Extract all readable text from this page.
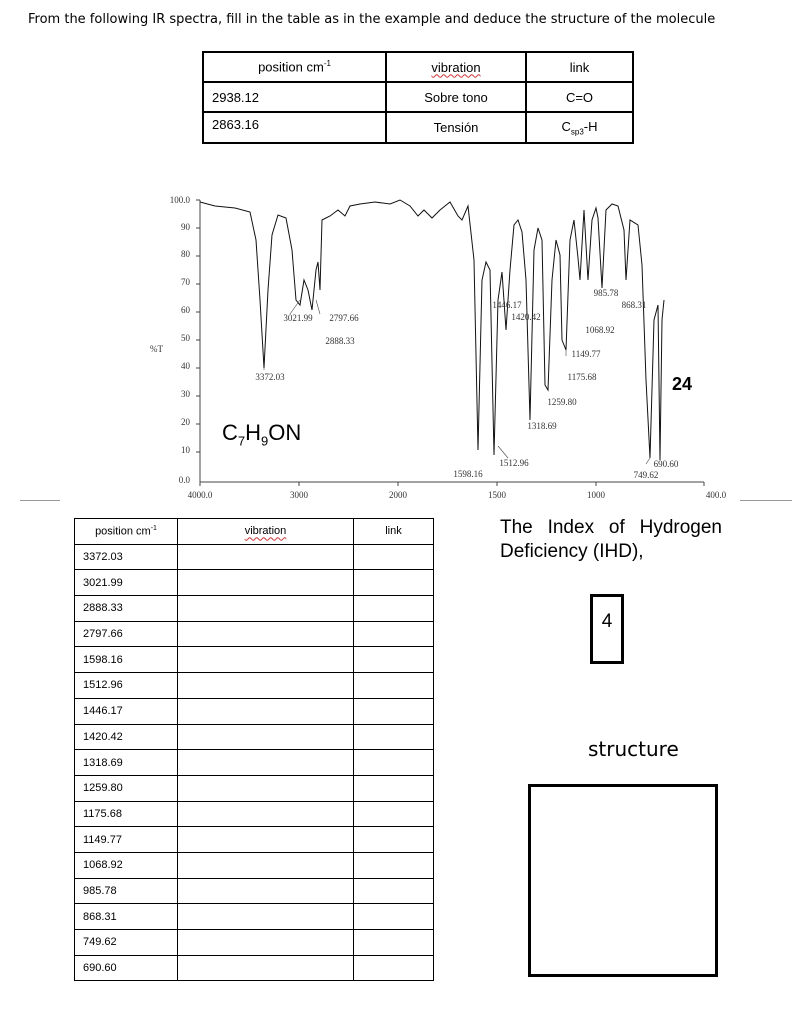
From the following IR spectra, fill in the table as in the example and deduce the structure of the molecule
position $cm^{-1}$	vibration	link
2938.12	Sobre tono	C=O
2863.16	Tensión	$C_{sp3}-H$
%T
100.0
90
80
70
60
50
40
30
20
10
0.0
4000.0	3000	2000	1500	1000	400.0
3021.99 2797.66
2888.33
3372.03
1446.17
1420.42
985.78
868.31
1068.92
1149.77
1175.68
1259.80
1318.69
1512.96
1598.16
690.60
749.62
$C_7H_9ON$
24
position $cm^{-1}$	vibration	link
3372.03		
3021.99		
2888.33		
2797.66		
1598.16		
1512.96		
1446.17		
1420.42		
1318.69		
1259.80		
1175.68		
1149.77		
1068.92		
985.78		
868.31		
749.62		
690.60		
The Index of Hydrogen
Deficiency (IHD),
4
structure
